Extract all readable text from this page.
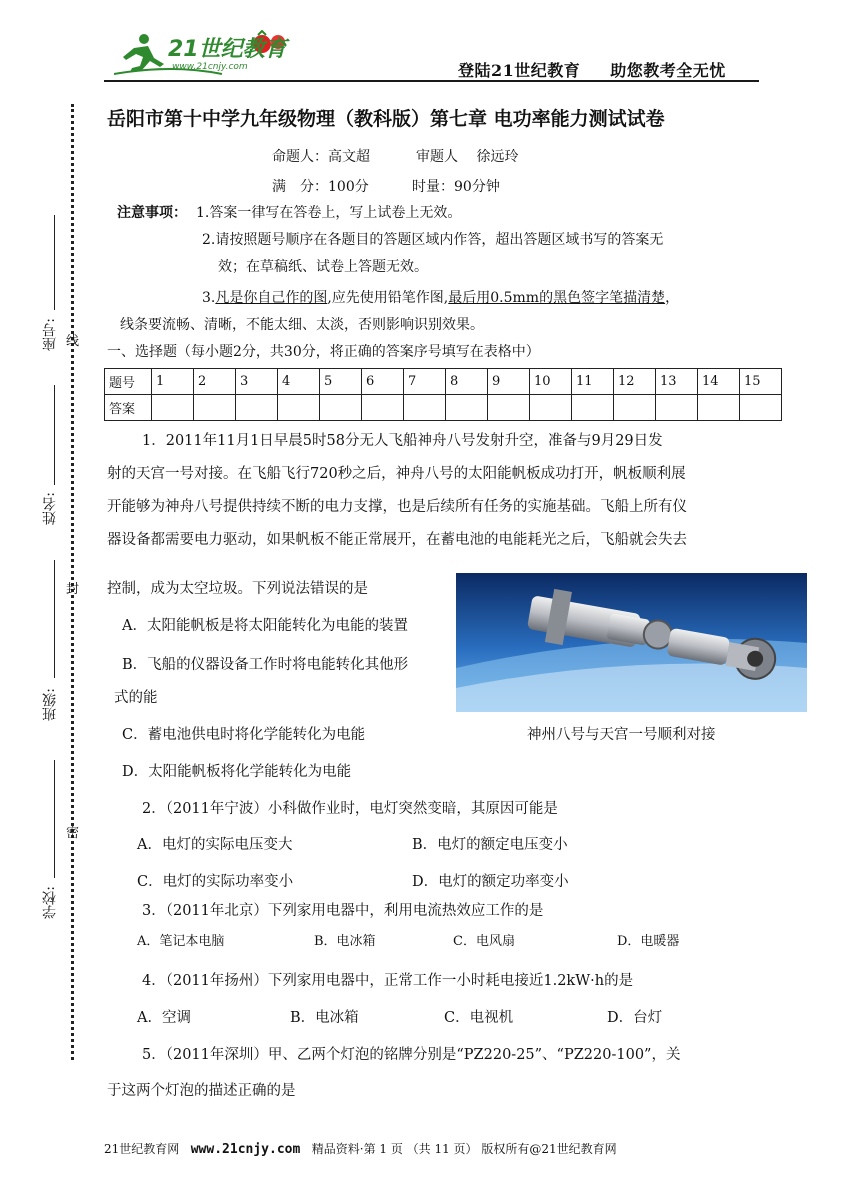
21世纪教育
www.21cnjy.com	登陆21世纪教育 助您教考全无忧
座号: 线
姓名:
封
班级:
密
学校:
岳阳市第十中学九年级物理（教科版）第七章 电功率能力测试试卷
命题人：高文超	审题人　 徐远玲
满　分：100分	时量：90分钟
注意事项： 1.答案一律写在答卷上，写上试卷上无效。
2.请按照题号顺序在各题目的答题区域内作答，超出答题区域书写的答案无
效；在草稿纸、试卷上答题无效。
3.凡是你自己作的图,应先使用铅笔作图,最后用0.5mm的黑色签字笔描清楚，
线条要流畅、清晰，不能太细、太淡，否则影响识别效果。
一、选择题（每小题2分，共30分，将正确的答案序号填写在表格中）
题号	1	2	3	4	5	6	7	8	9	10	11	12	13	14	15
答案															
1．2011年11月1日早晨5时58分无人飞船神舟八号发射升空，准备与9月29日发
射的天宫一号对接。在飞船飞行720秒之后，神舟八号的太阳能帆板成功打开，帆板顺利展
开能够为神舟八号提供持续不断的电力支撑，也是后续所有任务的实施基础。飞船上所有仪
器设备都需要电力驱动，如果帆板不能正常展开，在蓄电池的电能耗光之后，飞船就会失去
控制，成为太空垃圾。下列说法错误的是
A．太阳能帆板是将太阳能转化为电能的装置
B．飞船的仪器设备工作时将电能转化其他形
式的能
C．蓄电池供电时将化学能转化为电能
D．太阳能帆板将化学能转化为电能
神州八号与天宫一号顺利对接
2．（2011年宁波）小科做作业时，电灯突然变暗，其原因可能是
A．电灯的实际电压变大	B．电灯的额定电压变小
C．电灯的实际功率变小	D．电灯的额定功率变小
3．（2011年北京）下列家用电器中，利用电流热效应工作的是
A．笔记本电脑	B．电冰箱	C．电风扇	D．电暖器
4．（2011年扬州）下列家用电器中，正常工作一小时耗电接近1.2kW·h的是
A．空调	B．电冰箱	C．电视机	D．台灯
5．（2011年深圳）甲、乙两个灯泡的铭牌分别是“PZ220-25”、“PZ220-100”，关
于这两个灯泡的描述正确的是
21世纪教育网 www.21cnjy.com 精品资料·第 1 页 （共 11 页） 版权所有@21世纪教育网
